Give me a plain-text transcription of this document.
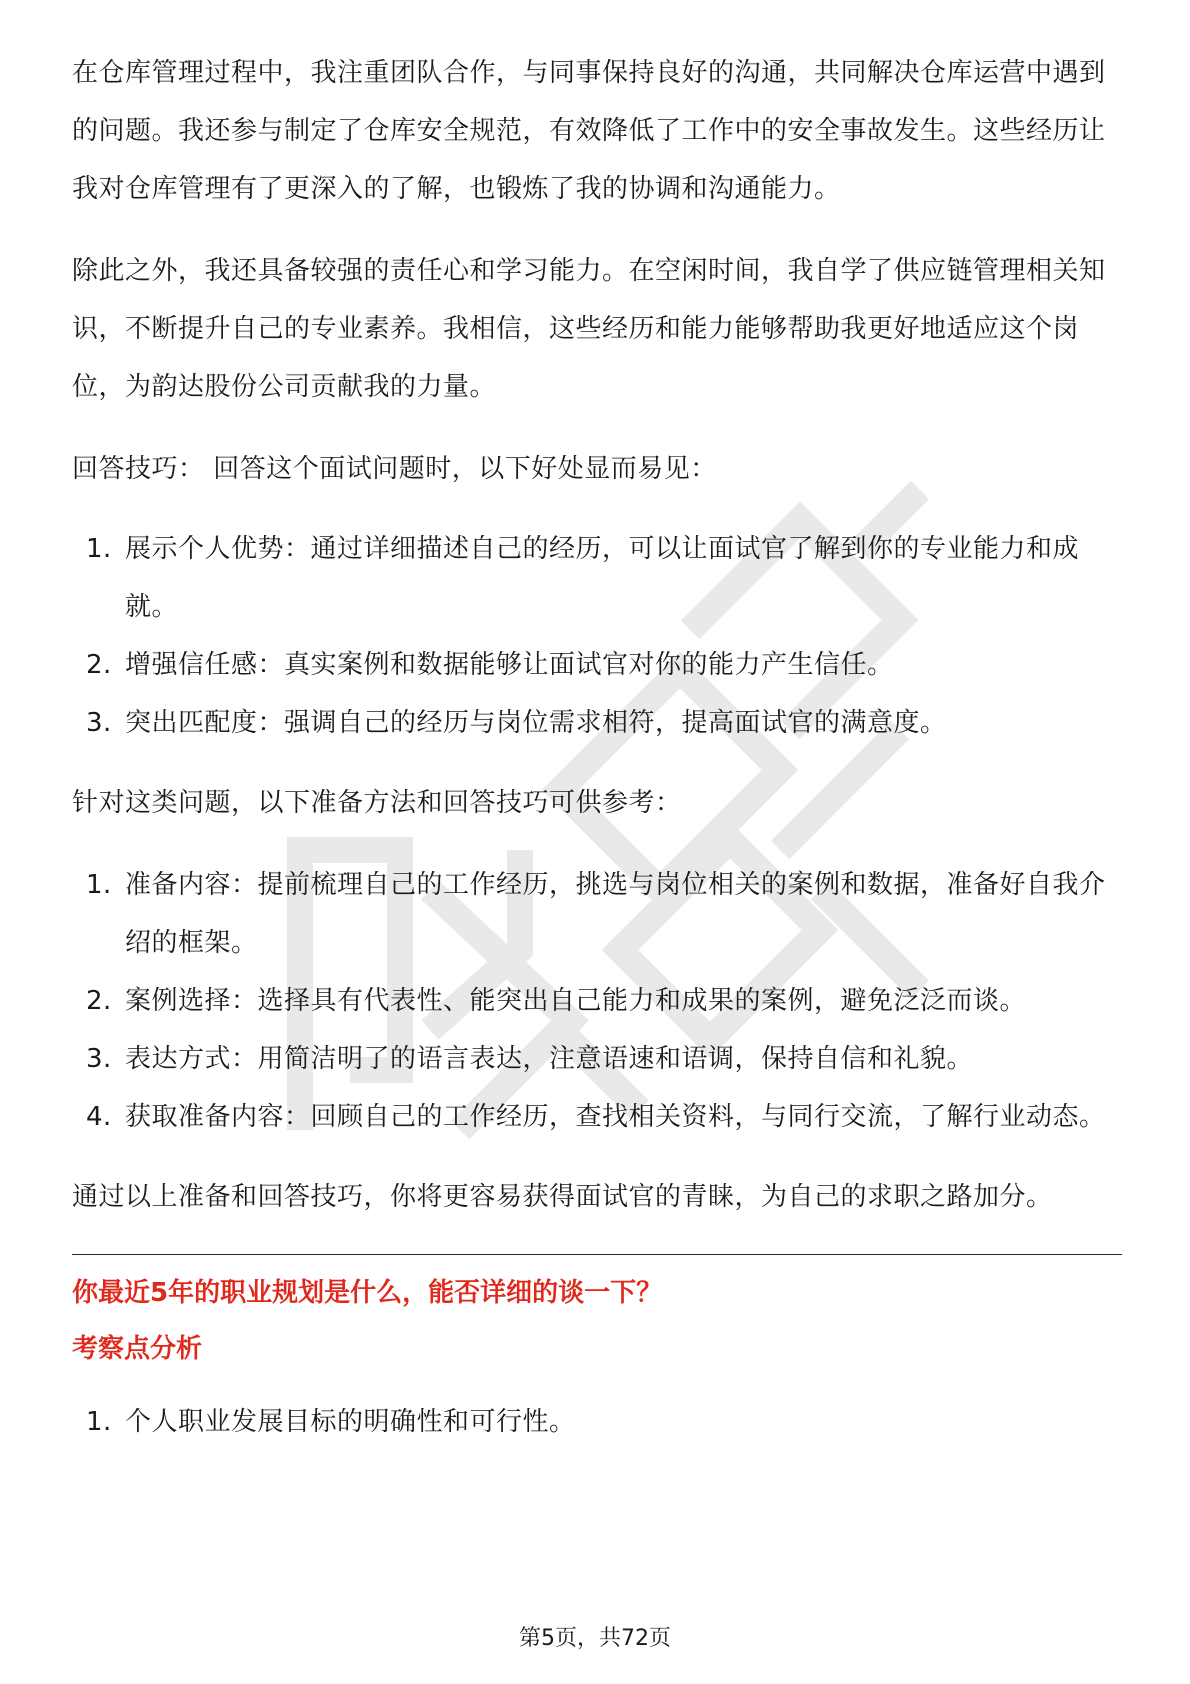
在仓库管理过程中，我注重团队合作，与同事保持良好的沟通，共同解决仓库运营中遇到的问题。我还参与制定了仓库安全规范，有效降低了工作中的安全事故发生。这些经历让我对仓库管理有了更深入的了解，也锻炼了我的协调和沟通能力。

除此之外，我还具备较强的责任心和学习能力。在空闲时间，我自学了供应链管理相关知识，不断提升自己的专业素养。我相信，这些经历和能力能够帮助我更好地适应这个岗位，为韵达股份公司贡献我的力量。

回答技巧： 回答这个面试问题时，以下好处显而易见：

1. 展示个人优势：通过详细描述自己的经历，可以让面试官了解到你的专业能力和成就。
2. 增强信任感：真实案例和数据能够让面试官对你的能力产生信任。
3. 突出匹配度：强调自己的经历与岗位需求相符，提高面试官的满意度。

针对这类问题，以下准备方法和回答技巧可供参考：

1. 准备内容：提前梳理自己的工作经历，挑选与岗位相关的案例和数据，准备好自我介绍的框架。
2. 案例选择：选择具有代表性、能突出自己能力和成果的案例，避免泛泛而谈。
3. 表达方式：用简洁明了的语言表达，注意语速和语调，保持自信和礼貌。
4. 获取准备内容：回顾自己的工作经历，查找相关资料，与同行交流，了解行业动态。

通过以上准备和回答技巧，你将更容易获得面试官的青睐，为自己的求职之路加分。

你最近5年的职业规划是什么，能否详细的谈一下？
考察点分析
1. 个人职业发展目标的明确性和可行性。
第5页，共72页
